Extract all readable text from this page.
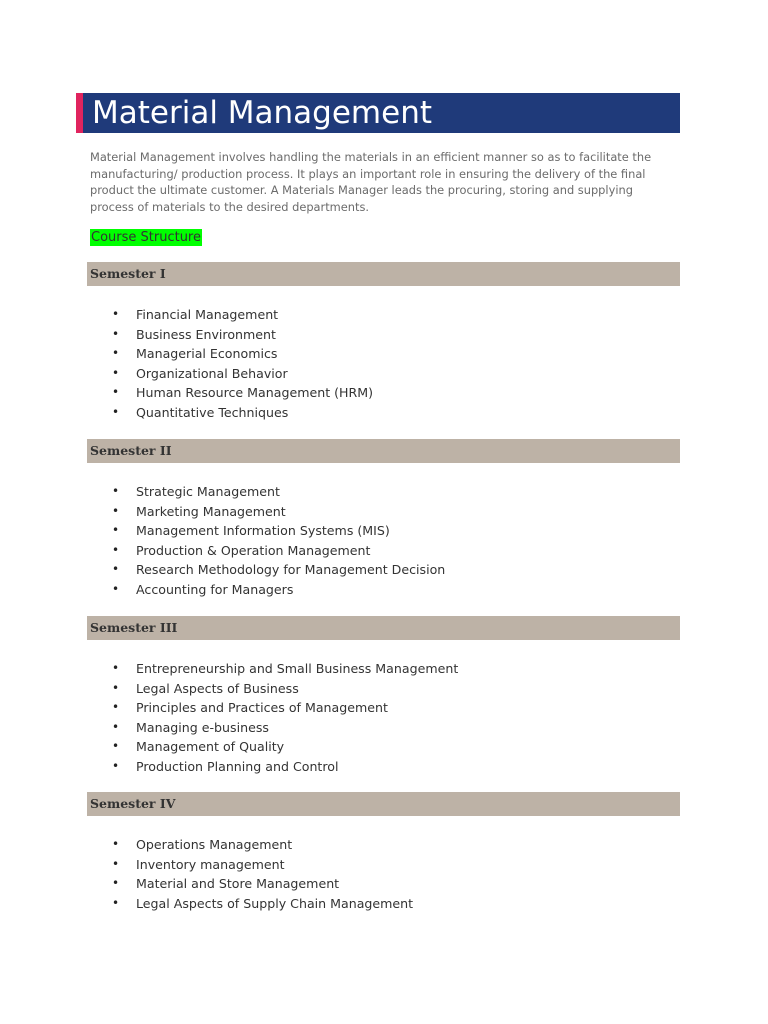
Material Management

Material Management involves handling the materials in an efficient manner so as to facilitate the manufacturing/ production process. It plays an important role in ensuring the delivery of the final product the ultimate customer. A Materials Manager leads the procuring, storing and supplying process of materials to the desired departments.

Course Structure
Semester I
• Financial Management
• Business Environment
• Managerial Economics
• Organizational Behavior
• Human Resource Management (HRM)
• Quantitative Techniques
Semester II
• Strategic Management
• Marketing Management
• Management Information Systems (MIS)
• Production & Operation Management
• Research Methodology for Management Decision
• Accounting for Managers
Semester III
• Entrepreneurship and Small Business Management
• Legal Aspects of Business
• Principles and Practices of Management
• Managing e-business
• Management of Quality
• Production Planning and Control
Semester IV
• Operations Management
• Inventory management
• Material and Store Management
• Legal Aspects of Supply Chain Management
